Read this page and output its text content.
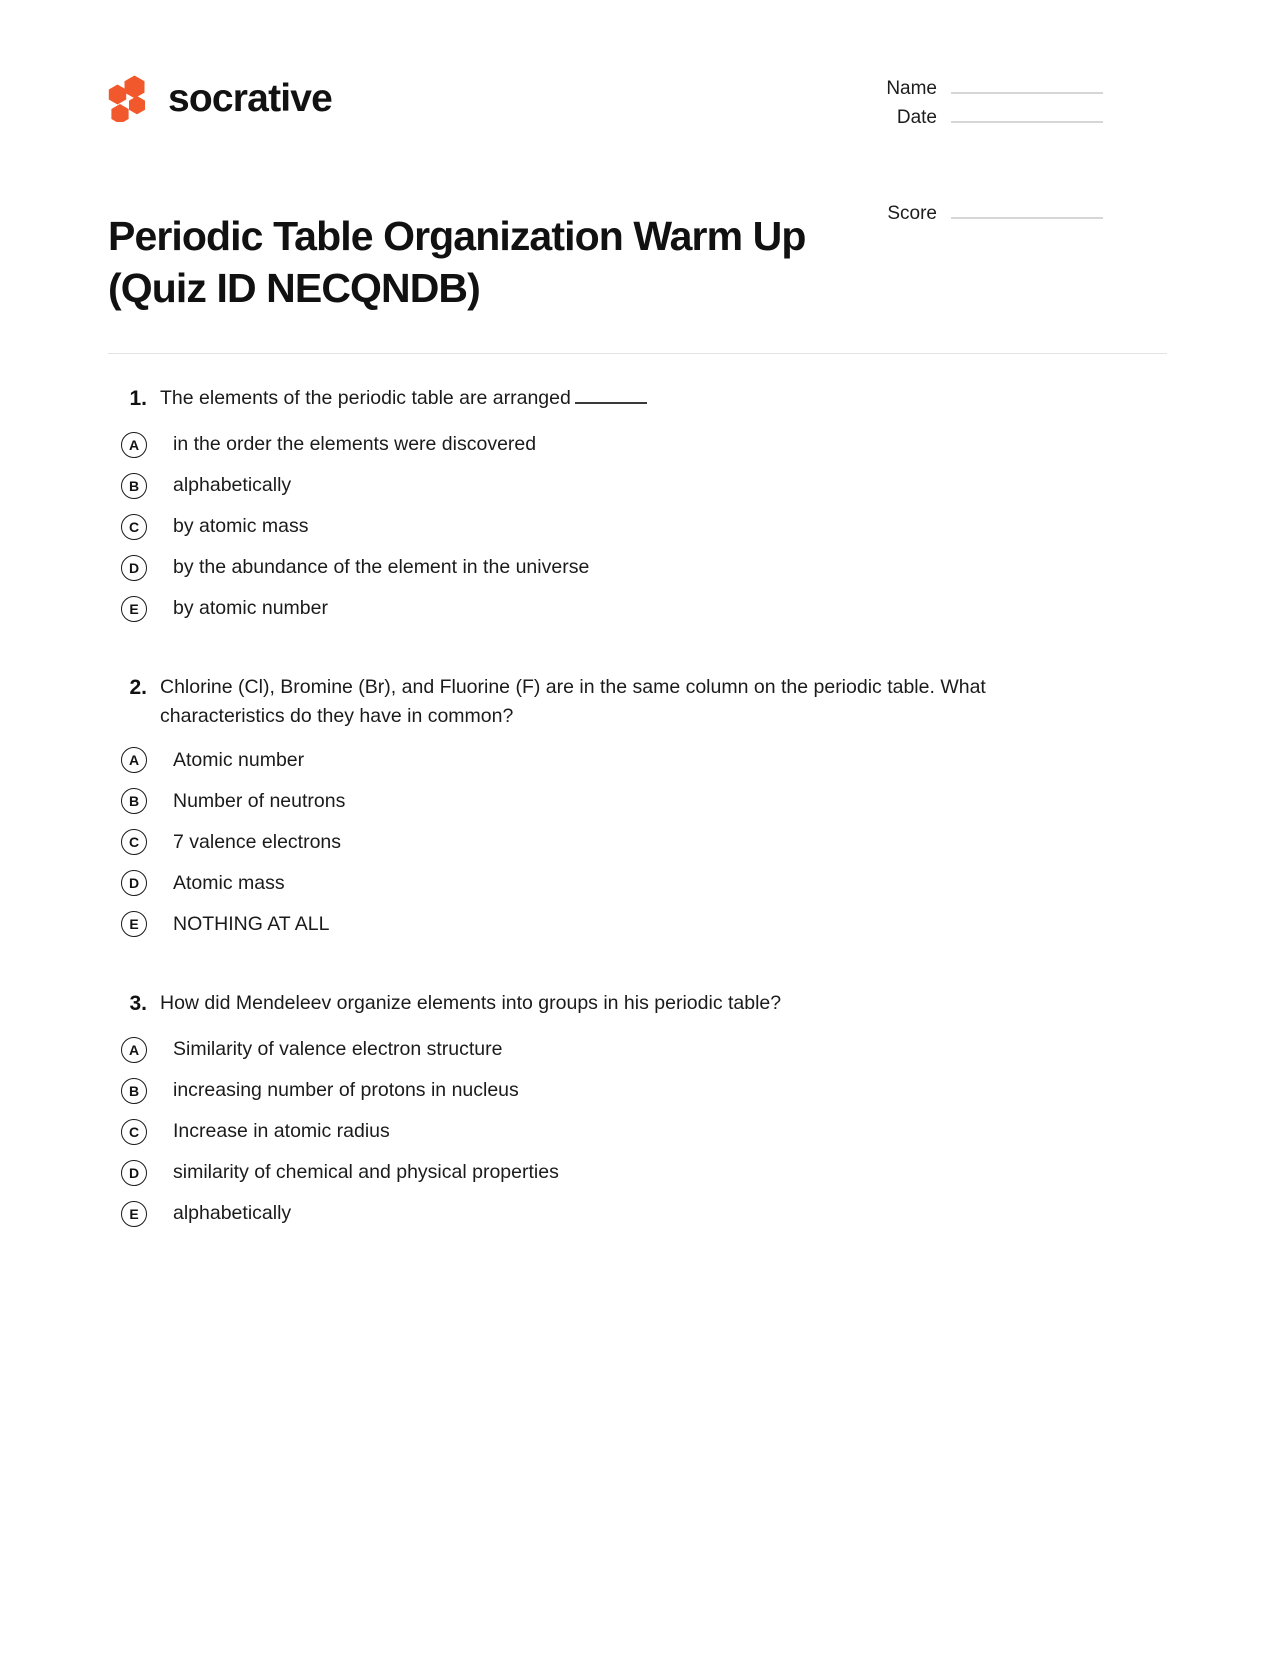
socrative	Name
Date
Score
Periodic Table Organization Warm Up (Quiz ID NECQNDB)
1. The elements of the periodic table are arranged
A	in the order the elements were discovered
B	alphabetically
C	by atomic mass
D	by the abundance of the element in the universe
E	by atomic number
2. Chlorine (Cl), Bromine (Br), and Fluorine (F) are in the same column on the periodic table. What characteristics do they have in common?
A	Atomic number
B	Number of neutrons
C	7 valence electrons
D	Atomic mass
E	NOTHING AT ALL
3. How did Mendeleev organize elements into groups in his periodic table?
A	Similarity of valence electron structure
B	increasing number of protons in nucleus
C	Increase in atomic radius
D	similarity of chemical and physical properties
E	alphabetically
